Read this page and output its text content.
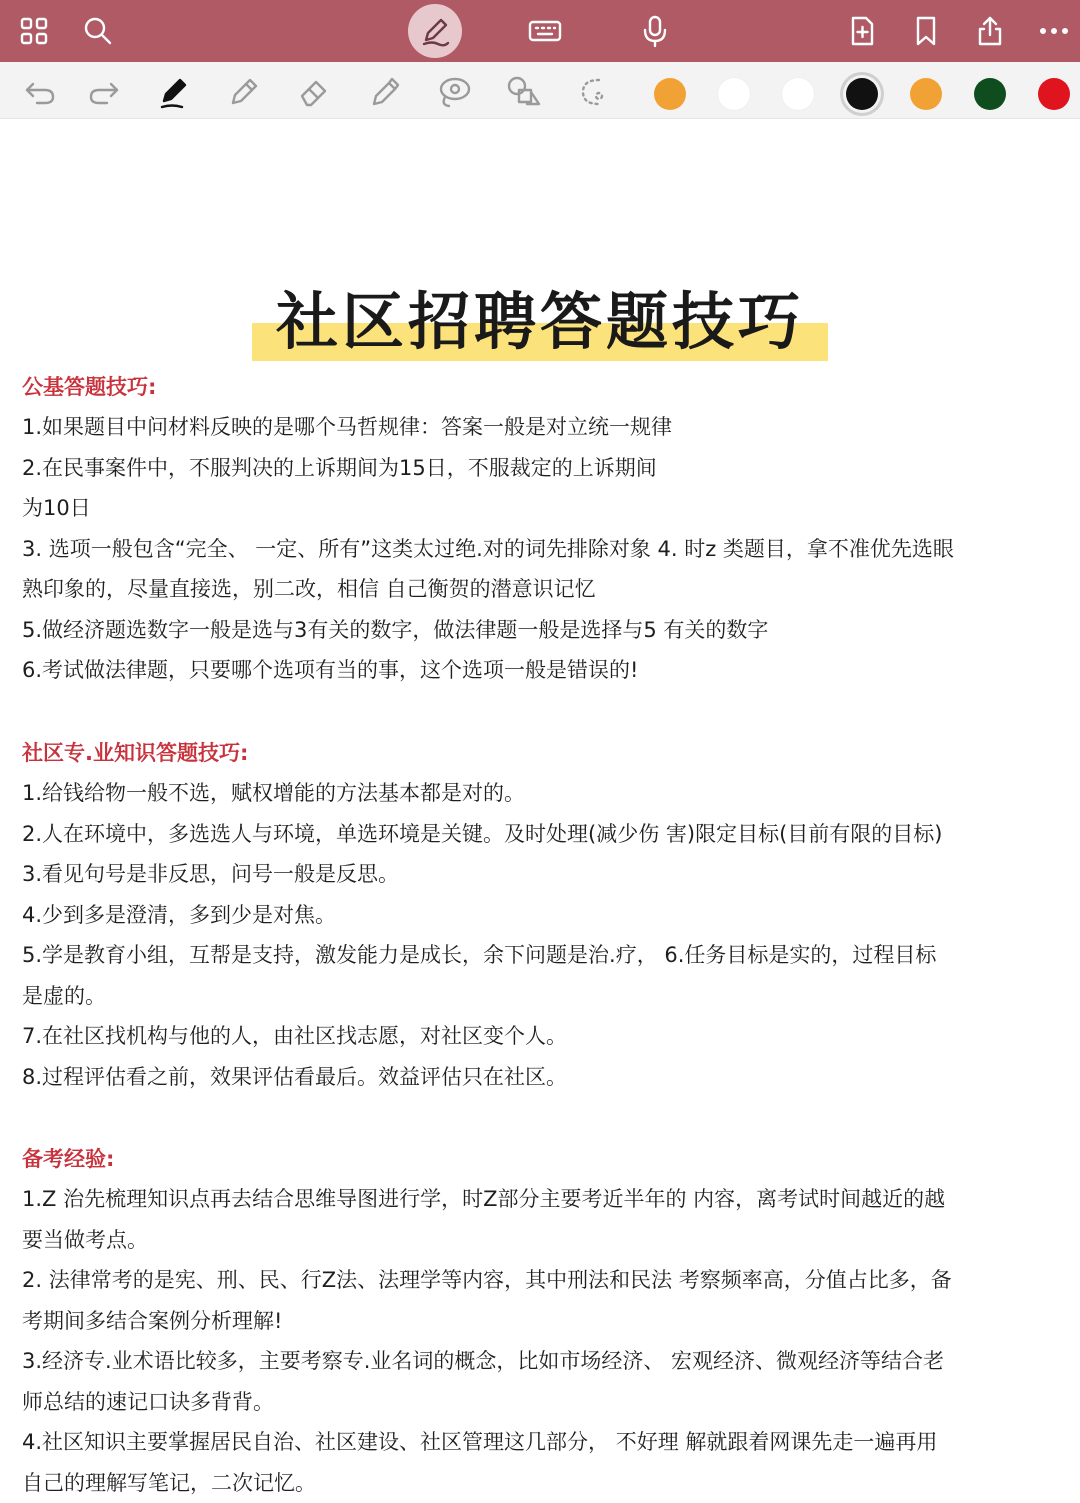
社区招聘答题技巧

公基答题技巧:

1.如果题目中问材料反映的是哪个马哲规律：答案一般是对立统一规律

2.在民事案件中，不服判决的上诉期间为15日，不服裁定的上诉期间

为10日

3. 选项一般包含“完全、 一定、所有”这类太过绝.对的词先排除对象 4. 时z 类题目，拿不准优先选眼

熟印象的，尽量直接选，别二改，相信 自己衡贺的潜意识记忆

5.做经济题选数字一般是选与3有关的数字，做法律题一般是选择与5 有关的数字

6.考试做法律题，只要哪个选项有当的事，这个选项一般是错误的!

社区专.业知识答题技巧:

1.给钱给物一般不选，赋权增能的方法基本都是对的。

2.人在环境中，多选选人与环境，单选环境是关键。及时处理(减少伤 害)限定目标(目前有限的目标)

3.看见句号是非反思，问号一般是反思。

4.少到多是澄清，多到少是对焦。

5.学是教育小组，互帮是支持，激发能力是成长，余下问题是治.疗， 6.任务目标是实的，过程目标

是虚的。

7.在社区找机构与他的人，由社区找志愿，对社区变个人。

8.过程评估看之前，效果评估看最后。效益评估只在社区。

备考经验:

1.Z 治先梳理知识点再去结合思维导图进行学，时Z部分主要考近半年的 内容，离考试时间越近的越

要当做考点。

2. 法律常考的是宪、刑、民、行Z法、法理学等内容，其中刑法和民法 考察频率高，分值占比多，备

考期间多结合案例分析理解!

3.经济专.业术语比较多，主要考察专.业名词的概念，比如市场经济、 宏观经济、微观经济等结合老

师总结的速记口诀多背背。

4.社区知识主要掌握居民自治、社区建设、社区管理这几部分， 不好理 解就跟着网课先走一遍再用

自己的理解写笔记，二次记忆。
